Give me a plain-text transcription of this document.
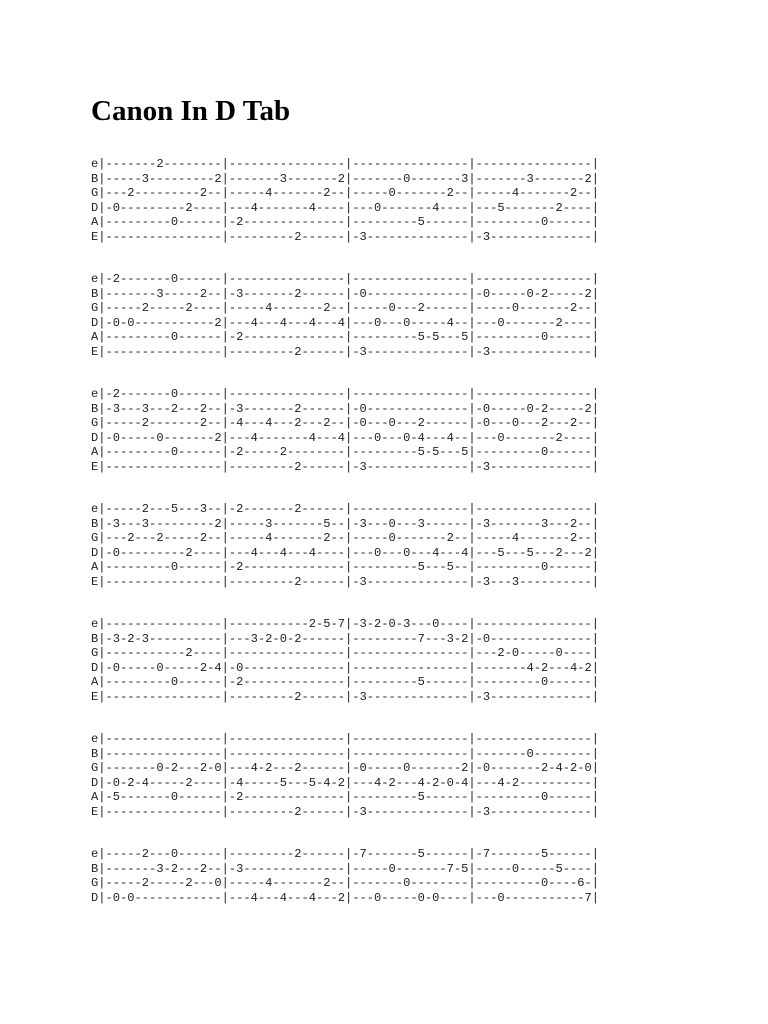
Canon In D Tab
e|-------2--------|----------------|----------------|----------------|
B|-----3---------2|-------3-------2|-------0-------3|-------3-------2|
G|---2---------2--|-----4-------2--|-----0-------2--|-----4-------2--|
D|-0---------2----|---4-------4----|---0-------4----|---5-------2----|
A|---------0------|-2--------------|---------5------|---------0------|
E|----------------|---------2------|-3--------------|-3--------------|
e|-2-------0------|----------------|----------------|----------------|
B|-------3-----2--|-3-------2------|-0--------------|-0-----0-2-----2|
G|-----2-----2----|-----4-------2--|-----0---2------|-----0-------2--|
D|-0-0-----------2|---4---4---4---4|---0---0-----4--|---0-------2----|
A|---------0------|-2--------------|---------5-5---5|---------0------|
E|----------------|---------2------|-3--------------|-3--------------|
e|-2-------0------|----------------|----------------|----------------|
B|-3---3---2---2--|-3-------2------|-0--------------|-0-----0-2-----2|
G|-----2-------2--|-4---4---2---2--|-0---0---2------|-0---0---2---2--|
D|-0-----0-------2|---4-------4---4|---0---0-4---4--|---0-------2----|
A|---------0------|-2-----2--------|---------5-5---5|---------0------|
E|----------------|---------2------|-3--------------|-3--------------|
e|-----2---5---3--|-2-------2------|----------------|----------------|
B|-3---3---------2|-----3-------5--|-3---0---3------|-3-------3---2--|
G|---2---2-----2--|-----4-------2--|-----0-------2--|-----4-------2--|
D|-0---------2----|---4---4---4----|---0---0---4---4|---5---5---2---2|
A|---------0------|-2--------------|---------5---5--|---------0------|
E|----------------|---------2------|-3--------------|-3---3----------|
e|----------------|-----------2-5-7|-3-2-0-3---0----|----------------|
B|-3-2-3----------|---3-2-0-2------|---------7---3-2|-0--------------|
G|-----------2----|----------------|----------------|---2-0-----0----|
D|-0-----0-----2-4|-0--------------|----------------|-------4-2---4-2|
A|---------0------|-2--------------|---------5------|---------0------|
E|----------------|---------2------|-3--------------|-3--------------|
e|----------------|----------------|----------------|----------------|
B|----------------|----------------|----------------|-------0--------|
G|-------0-2---2-0|---4-2---2------|-0-----0-------2|-0-------2-4-2-0|
D|-0-2-4-----2----|-4-----5---5-4-2|---4-2---4-2-0-4|---4-2----------|
A|-5-------0------|-2--------------|---------5------|---------0------|
E|----------------|---------2------|-3--------------|-3--------------|
e|-----2---0------|---------2------|-7-------5------|-7-------5------|
B|-------3-2---2--|-3--------------|-----0-------7-5|-----0-----5----|
G|-----2-----2---0|-----4-------2--|-------0--------|---------0----6-|
D|-0-0------------|---4---4---4---2|---0-----0-0----|---0-----------7|
